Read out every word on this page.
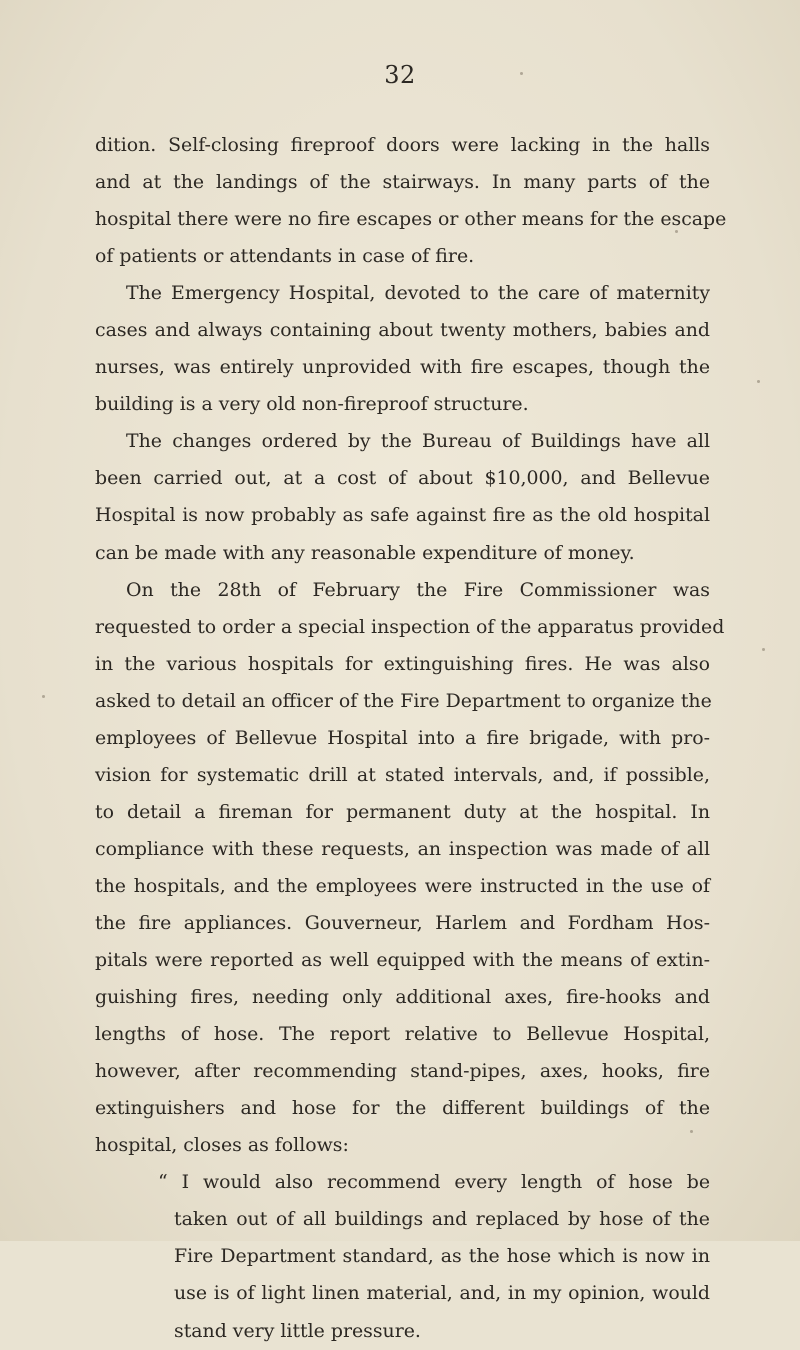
32
dition. Self-closing fireproof doors were lacking in the halls
and at the landings of the stairways. In many parts of the
hospital there were no fire escapes or other means for the escape
of patients or attendants in case of fire.
The Emergency Hospital, devoted to the care of maternity
cases and always containing about twenty mothers, babies and
nurses, was entirely unprovided with fire escapes, though the
building is a very old non-fireproof structure.
The changes ordered by the Bureau of Buildings have all
been carried out, at a cost of about $10,000, and Bellevue
Hospital is now probably as safe against fire as the old hospital
can be made with any reasonable expenditure of money.
On the 28th of February the Fire Commissioner was
requested to order a special inspection of the apparatus provided
in the various hospitals for extinguishing fires. He was also
asked to detail an officer of the Fire Department to organize the
employees of Bellevue Hospital into a fire brigade, with pro-
vision for systematic drill at stated intervals, and, if possible,
to detail a fireman for permanent duty at the hospital. In
compliance with these requests, an inspection was made of all
the hospitals, and the employees were instructed in the use of
the fire appliances. Gouverneur, Harlem and Fordham Hos-
pitals were reported as well equipped with the means of extin-
guishing fires, needing only additional axes, fire-hooks and
lengths of hose. The report relative to Bellevue Hospital,
however, after recommending stand-pipes, axes, hooks, fire
extinguishers and hose for the different buildings of the
hospital, closes as follows:
“ I would also recommend every length of hose be
taken out of all buildings and replaced by hose of the
Fire Department standard, as the hose which is now in
use is of light linen material, and, in my opinion, would
stand very little pressure.
